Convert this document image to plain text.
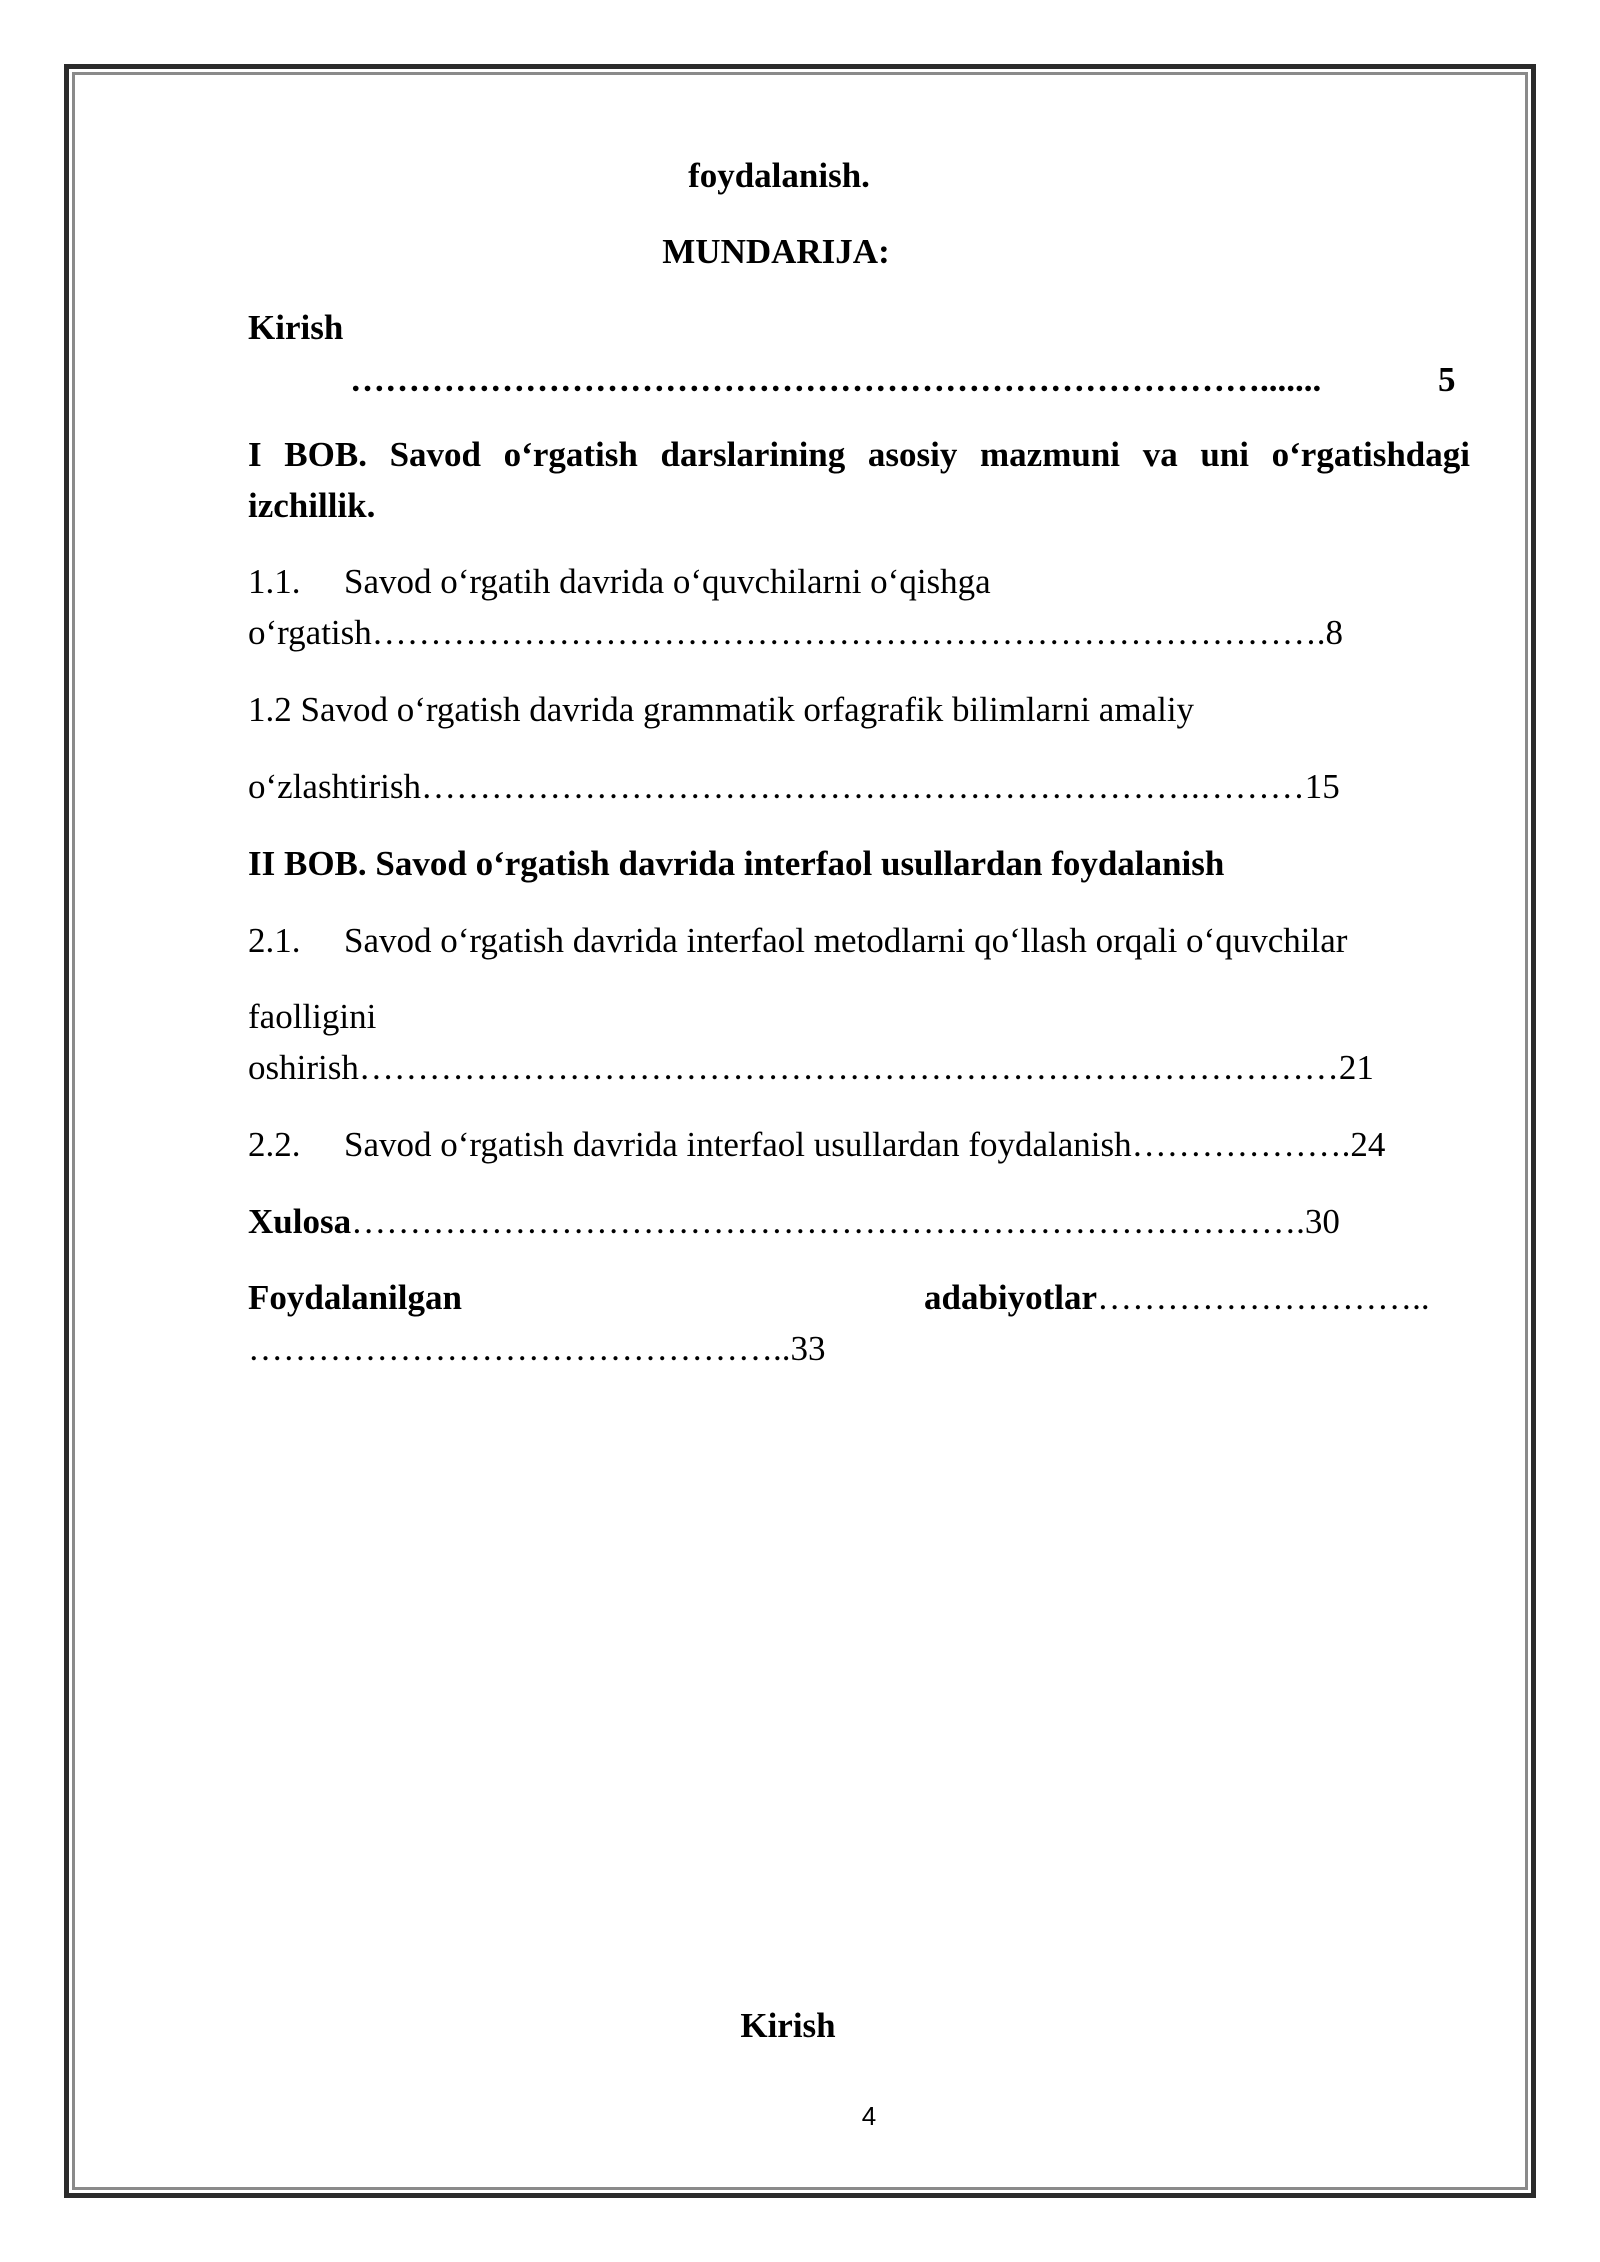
foydalanish.
MUNDARIJA:
Kirish
…………………………………………………………………….......	5
I BOB. Savod o‘rgatish darslarining asosiy mazmuni va uni o‘rgatishdagi
izchillik.
1.1. Savod o‘rgatih davrida o‘quvchilarni o‘qishga
o‘rgatish……………………………………………………………………….8
1.2 Savod o‘rgatish davrida grammatik orfagrafik bilimlarni amaliy
o‘zlashtirish………………………………………………………….………15
II BOB. Savod o‘rgatish davrida interfaol usullardan foydalanish
2.1. Savod o‘rgatish davrida interfaol metodlarni qo‘llash orqali o‘quvchilar
faolligini
oshirish…………………………………………………………………………21
2.2. Savod o‘rgatish davrida interfaol usullardan foydalanish……………….24
Xulosa……………………………………………………………………….30
Foydalanilgan	adabiyotlar………………………..
………………………………………..33
Kirish
4
